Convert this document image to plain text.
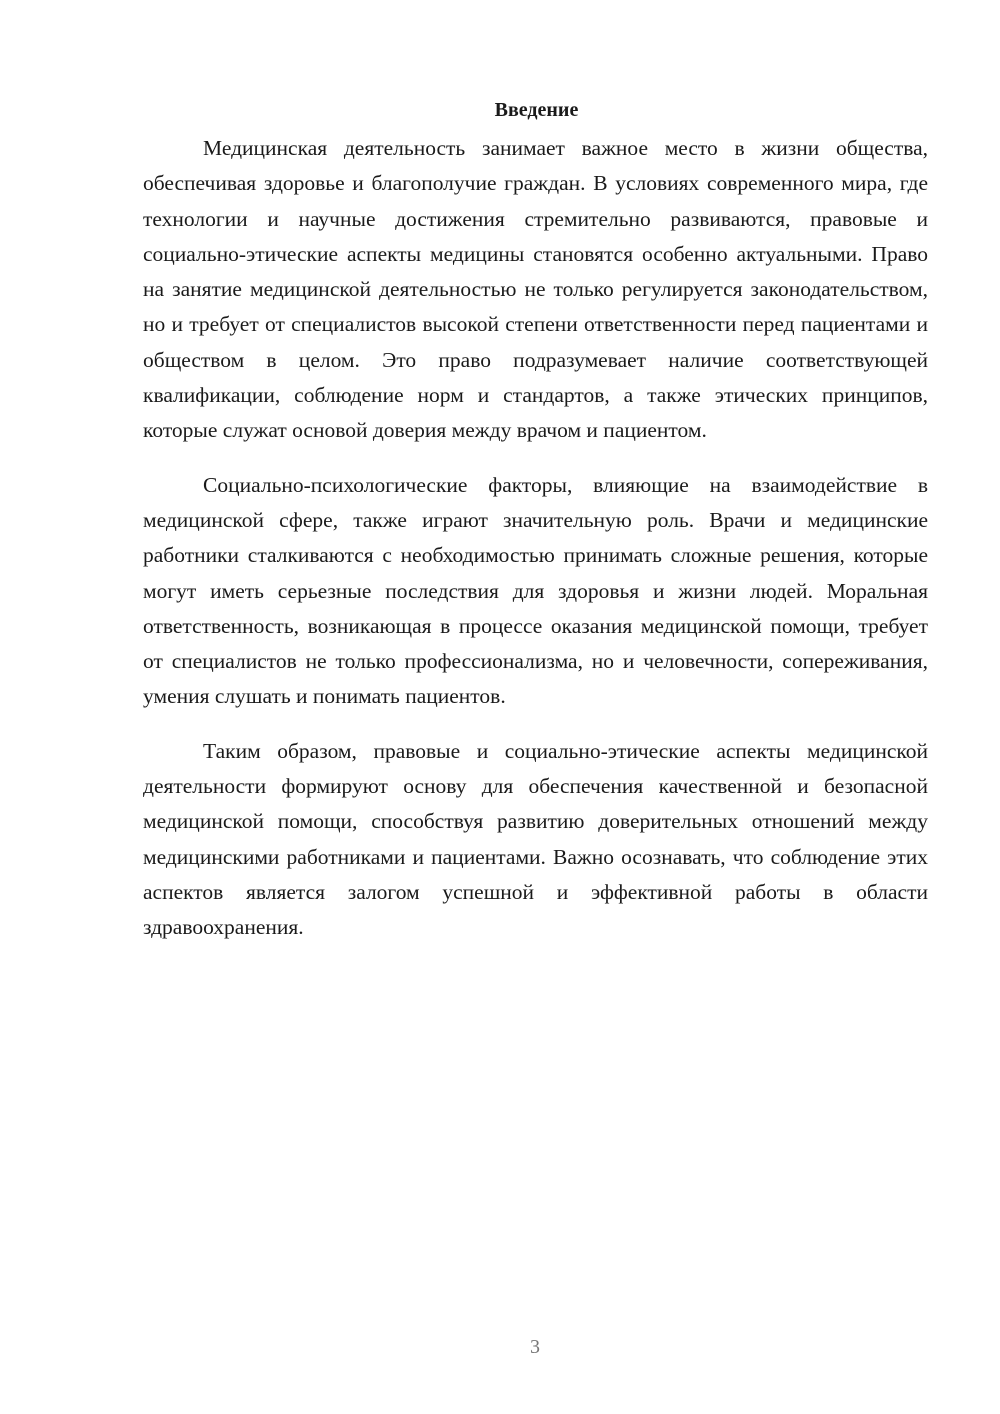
Введение

Медицинская деятельность занимает важное место в жизни общества, обеспечивая здоровье и благополучие граждан. В условиях современного мира, где технологии и научные достижения стремительно развиваются, правовые и социально-этические аспекты медицины становятся особенно актуальными. Право на занятие медицинской деятельностью не только регулируется законодательством, но и требует от специалистов высокой степени ответственности перед пациентами и обществом в целом. Это право подразумевает наличие соответствующей квалификации, соблюдение норм и стандартов, а также этических принципов, которые служат основой доверия между врачом и пациентом.

Социально-психологические факторы, влияющие на взаимодействие в медицинской сфере, также играют значительную роль. Врачи и медицинские работники сталкиваются с необходимостью принимать сложные решения, которые могут иметь серьезные последствия для здоровья и жизни людей. Моральная ответственность, возникающая в процессе оказания медицинской помощи, требует от специалистов не только профессионализма, но и человечности, сопереживания, умения слушать и понимать пациентов.

Таким образом, правовые и социально-этические аспекты медицинской деятельности формируют основу для обеспечения качественной и безопасной медицинской помощи, способствуя развитию доверительных отношений между медицинскими работниками и пациентами. Важно осознавать, что соблюдение этих аспектов является залогом успешной и эффективной работы в области здравоохранения.

3
